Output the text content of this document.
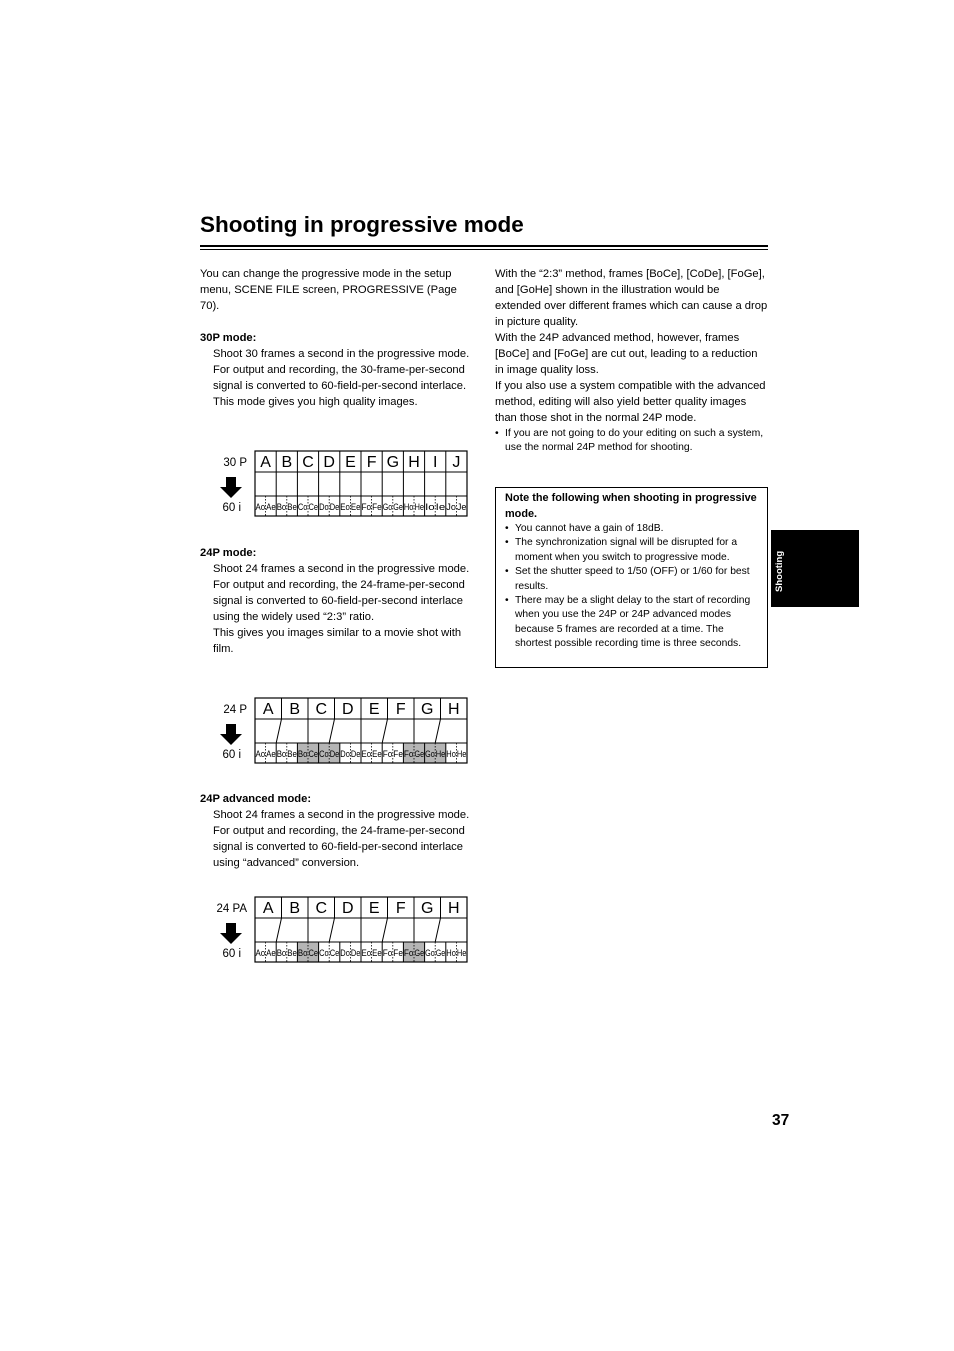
Shooting in progressive mode

You can change the progressive mode in the setup menu, SCENE FILE screen, PROGRESSIVE (Page 70).

30P mode:

Shoot 30 frames a second in the progressive mode.

For output and recording, the 30-frame-per-second signal is converted to 60-field-per-second interlace.

This mode gives you high quality images.

30 P
60 i
A B C D E F G H I J
Ao Ae Bo Be Co Ce Do De Eo Ee Fo Fe Go Ge Ho He Io Ie Jo Je

24P mode:

Shoot 24 frames a second in the progressive mode.

For output and recording, the 24-frame-per-second signal is converted to 60-field-per-second interlace using the widely used “2:3” ratio.

This gives you images similar to a movie shot with film.

24 P
60 i
A B C D E F G H
Ao Ae Bo Be Bo Ce Co De Do De Eo Ee Fo Fe Fo Ge Go He Ho He

24P advanced mode:

Shoot 24 frames a second in the progressive mode.

For output and recording, the 24-frame-per-second signal is converted to 60-field-per-second interlace using “advanced” conversion.

24 PA
60 i
A B C D E F G H
Ao Ae Bo Be Bo Ce Co Ce Do De Eo Ee Fo Fe Fo Ge Go Ge Ho He

With the “2:3” method, frames [BoCe], [CoDe], [FoGe], and [GoHe] shown in the illustration would be extended over different frames which can cause a drop in picture quality.

With the 24P advanced method, however, frames [BoCe] and [FoGe] are cut out, leading to a reduction in image quality loss.

If you also use a system compatible with the advanced method, editing will also yield better quality images than those shot in the normal 24P mode.

• If you are not going to do your editing on such a system, use the normal 24P method for shooting.

Note the following when shooting in progressive mode.

• You cannot have a gain of 18dB.

• The synchronization signal will be disrupted for a moment when you switch to progressive mode.

• Set the shutter speed to 1/50 (OFF) or 1/60 for best results.

• There may be a slight delay to the start of recording when you use the 24P or 24P advanced modes because 5 frames are recorded at a time. The shortest possible recording time is three seconds.

Shooting
37
